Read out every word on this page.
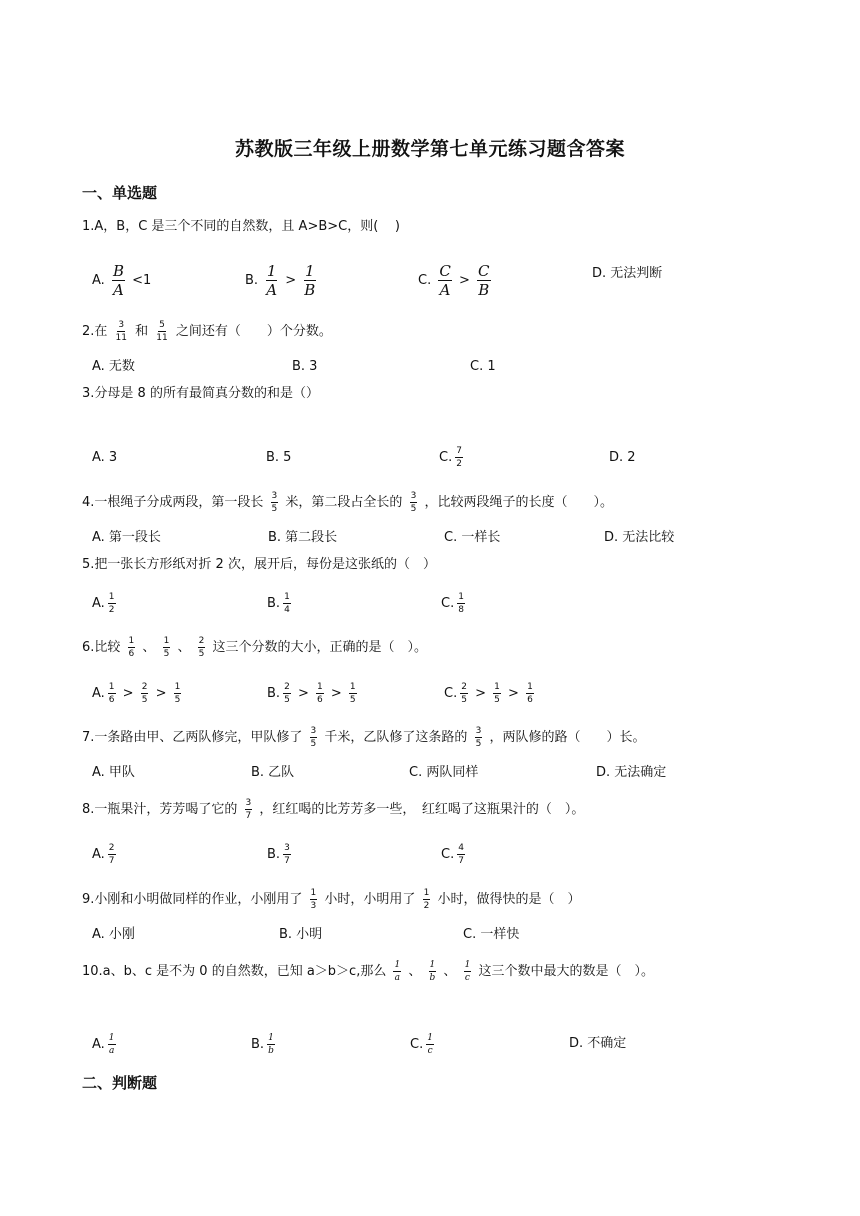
苏教版三年级上册数学第七单元练习题含答案
一、单选题
1.A，B，C 是三个不同的自然数，且 A>B>C，则( )
A. $\frac{B}{A} <1$	B. $\frac{1}{A} > \frac{1}{B}$	C. $\frac{C}{A} > \frac{C}{B}$	D. 无法判断
2.在 $\frac{3}{11}$ 和 $\frac{5}{11}$ 之间还有（　　）个分数。
A. 无数	B. 3	C. 1
3.分母是 8 的所有最简真分数的和是（）
A. 3	B. 5	C. $\frac{7}{2}$	D. 2
4.一根绳子分成两段，第一段长 $\frac{3}{5}$ 米，第二段占全长的 $\frac{3}{5}$ ，比较两段绳子的长度（　　）。
A. 第一段长	B. 第二段长	C. 一样长	D. 无法比较
5.把一张长方形纸对折 2 次，展开后，每份是这张纸的（　）
A. $\frac{1}{2}$	B. $\frac{1}{4}$	C. $\frac{1}{8}$
6.比较 $\frac{1}{6}$ 、 $\frac{1}{5}$ 、 $\frac{2}{5}$ 这三个分数的大小，正确的是（　）。
A. $\frac{1}{6} > \frac{2}{5} > \frac{1}{5}$	B. $\frac{2}{5} > \frac{1}{6} > \frac{1}{5}$	C. $\frac{2}{5} > \frac{1}{5} > \frac{1}{6}$
7.一条路由甲、乙两队修完，甲队修了 $\frac{3}{5}$ 千米，乙队修了这条路的 $\frac{3}{5}$ ，两队修的路（　　）长。
A. 甲队	B. 乙队	C. 两队同样	D. 无法确定
8.一瓶果汁，芳芳喝了它的 $\frac{3}{7}$ ，红红喝的比芳芳多一些，　红红喝了这瓶果汁的（　）。
A. $\frac{2}{7}$	B. $\frac{3}{7}$	C. $\frac{4}{7}$
9.小刚和小明做同样的作业，小刚用了 $\frac{1}{3}$ 小时，小明用了 $\frac{1}{2}$ 小时，做得快的是（　）
A. 小刚	B. 小明	C. 一样快
10.a、b、c 是不为 0 的自然数，已知 a＞b＞c,那么 $\frac{1}{a}$ 、 $\frac{1}{b}$ 、 $\frac{1}{c}$ 这三个数中最大的数是（　）。
A. $\frac{1}{a}$	B. $\frac{1}{b}$	C. $\frac{1}{c}$	D. 不确定
二、判断题
